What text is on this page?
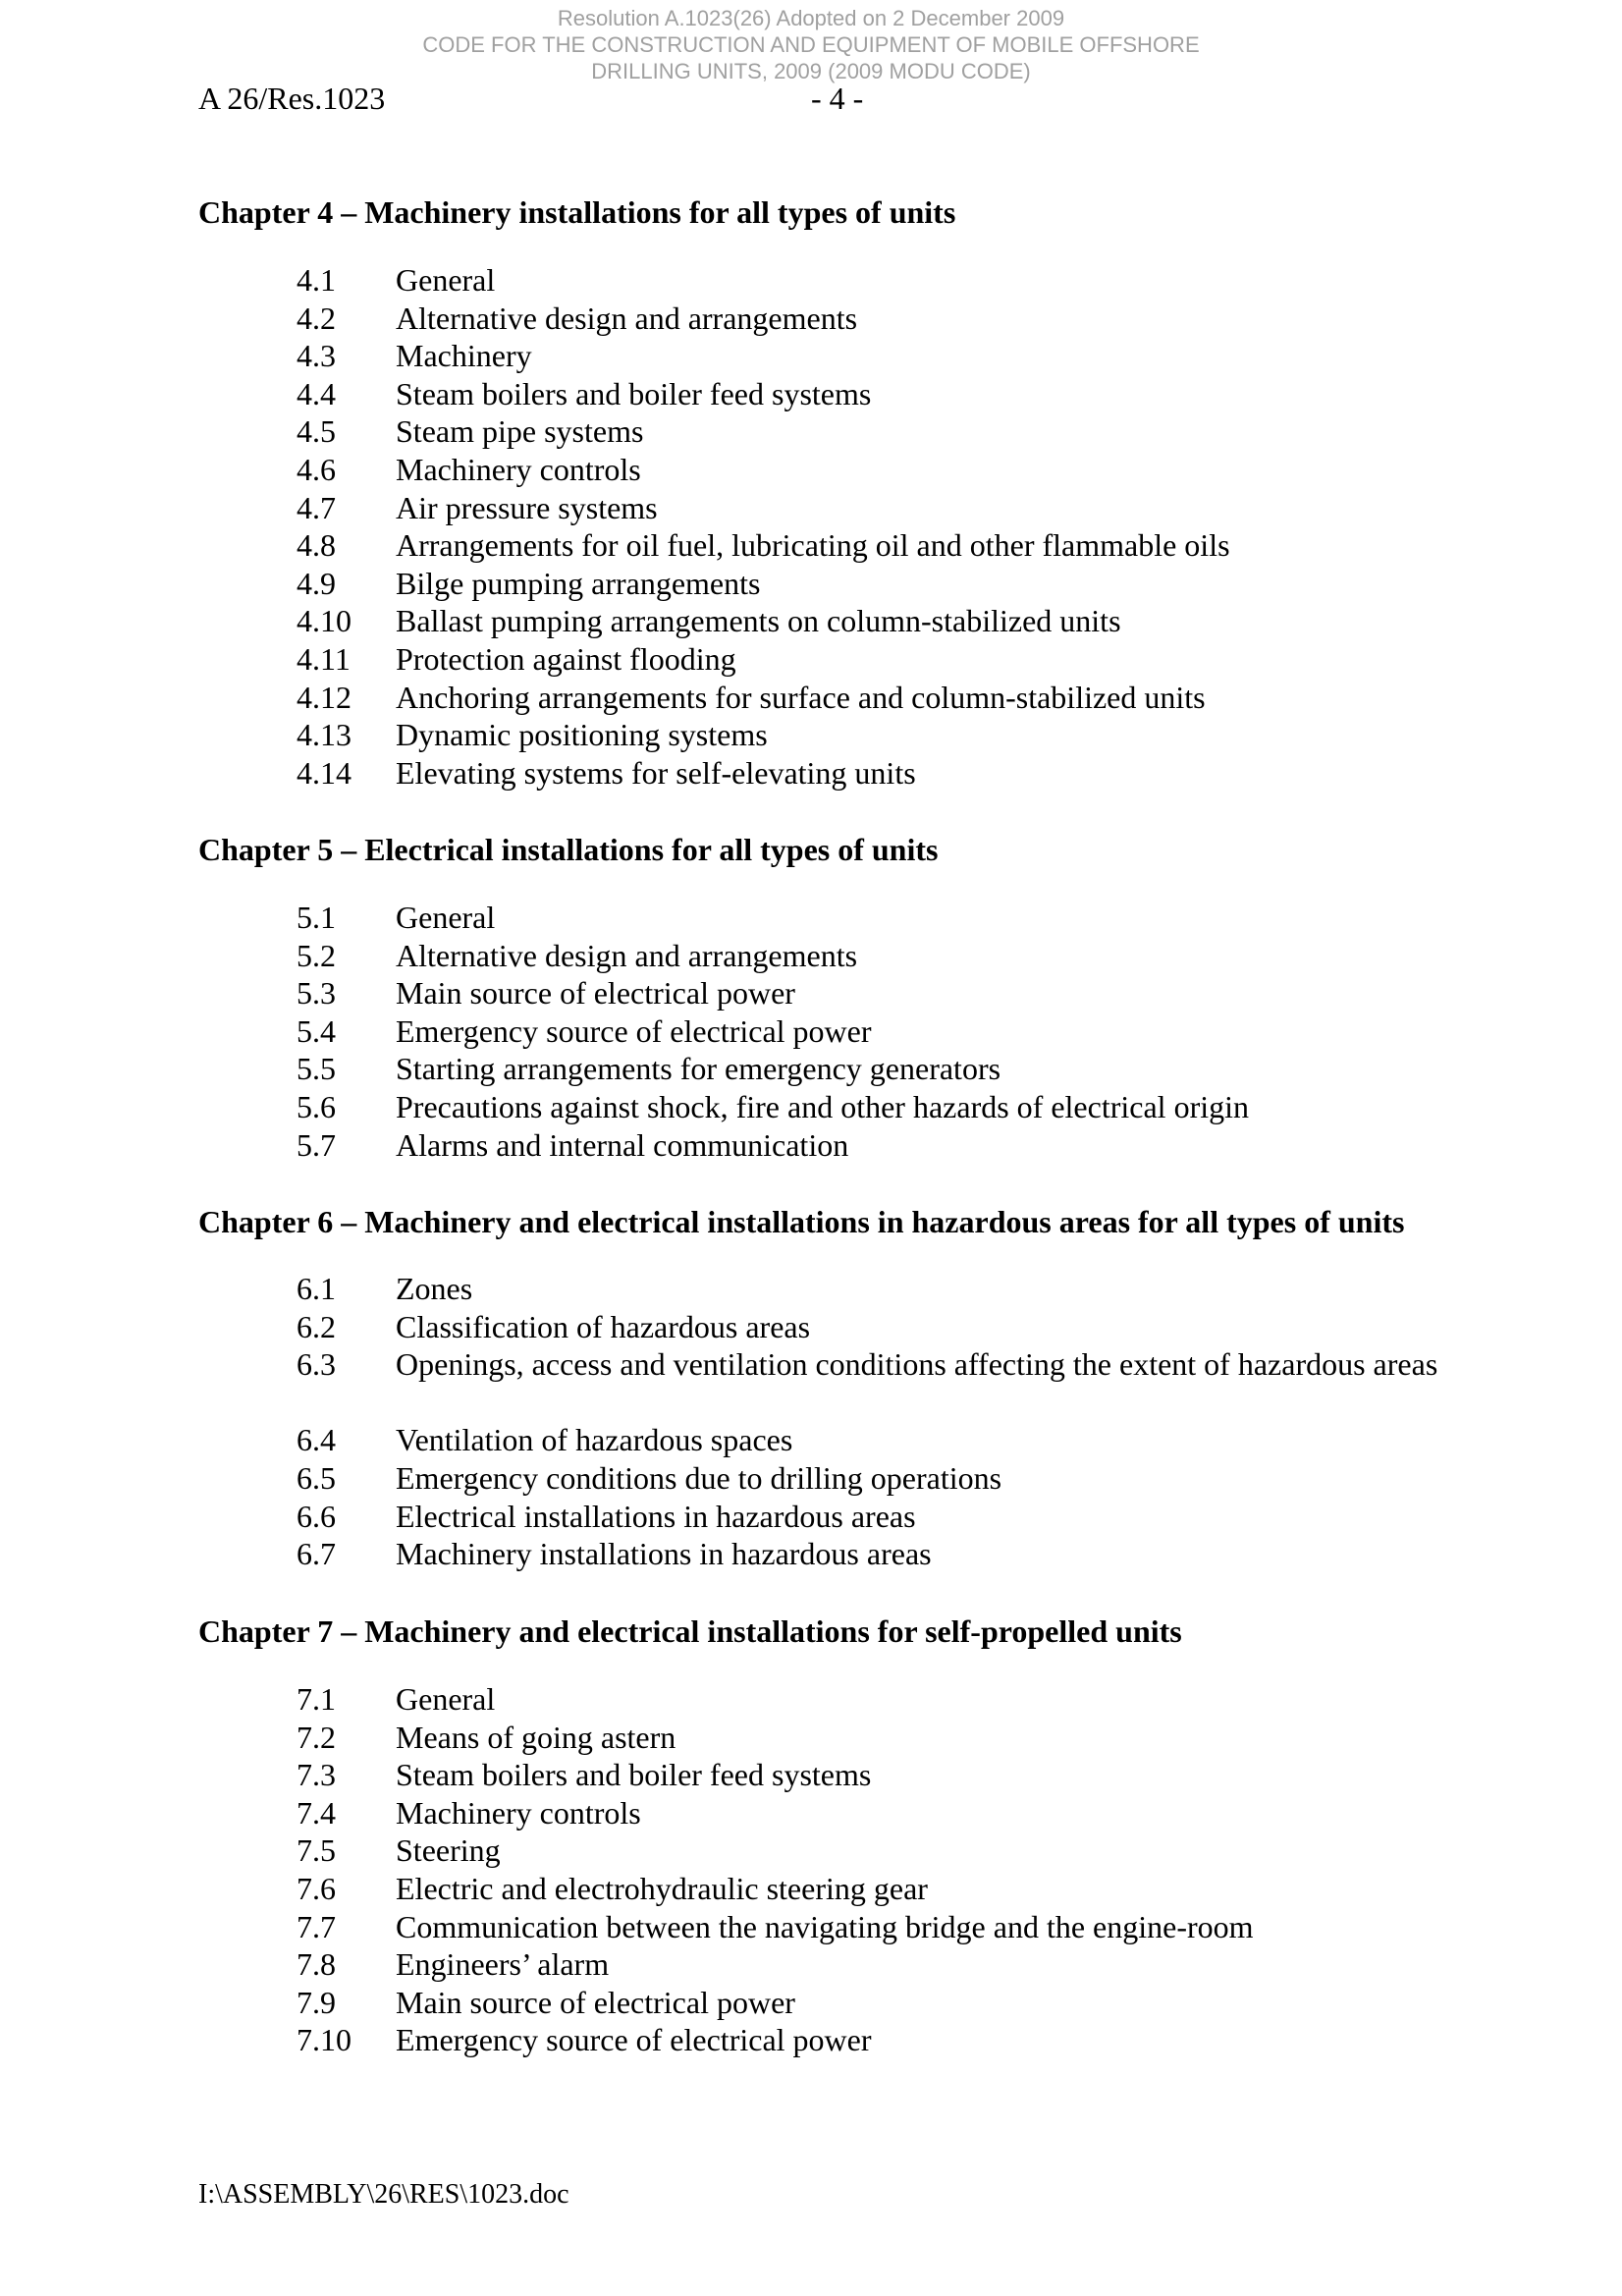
Resolution A.1023(26) Adopted on 2 December 2009
CODE FOR THE CONSTRUCTION AND EQUIPMENT OF MOBILE OFFSHORE
DRILLING UNITS, 2009 (2009 MODU CODE)
A 26/Res.1023	- 4 -
Chapter 4 – Machinery installations for all types of units
4.1 General
4.2 Alternative design and arrangements
4.3 Machinery
4.4 Steam boilers and boiler feed systems
4.5 Steam pipe systems
4.6 Machinery controls
4.7 Air pressure systems
4.8 Arrangements for oil fuel, lubricating oil and other flammable oils
4.9 Bilge pumping arrangements
4.10 Ballast pumping arrangements on column-stabilized units
4.11 Protection against flooding
4.12 Anchoring arrangements for surface and column-stabilized units
4.13 Dynamic positioning systems
4.14 Elevating systems for self-elevating units
Chapter 5 – Electrical installations for all types of units
5.1 General
5.2 Alternative design and arrangements
5.3 Main source of electrical power
5.4 Emergency source of electrical power
5.5 Starting arrangements for emergency generators
5.6 Precautions against shock, fire and other hazards of electrical origin
5.7 Alarms and internal communication
Chapter 6 – Machinery and electrical installations in hazardous areas for all types of units
6.1 Zones
6.2 Classification of hazardous areas
6.3 Openings, access and ventilation conditions affecting the extent of hazardous areas
6.4 Ventilation of hazardous spaces
6.5 Emergency conditions due to drilling operations
6.6 Electrical installations in hazardous areas
6.7 Machinery installations in hazardous areas
Chapter 7 – Machinery and electrical installations for self-propelled units
7.1 General
7.2 Means of going astern
7.3 Steam boilers and boiler feed systems
7.4 Machinery controls
7.5 Steering
7.6 Electric and electrohydraulic steering gear
7.7 Communication between the navigating bridge and the engine-room
7.8 Engineers’ alarm
7.9 Main source of electrical power
7.10 Emergency source of electrical power
I:\ASSEMBLY\26\RES\1023.doc
